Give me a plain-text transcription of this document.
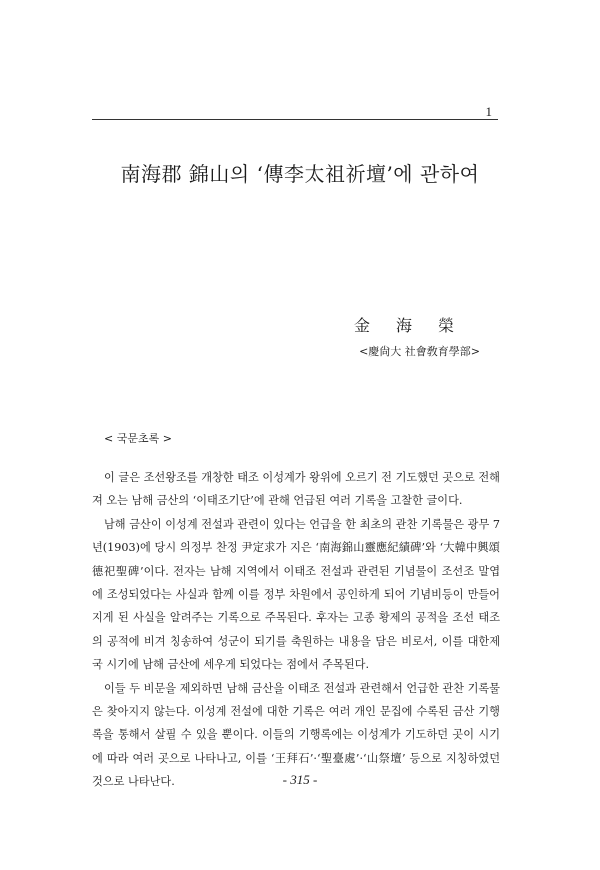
1
南海郡 錦山의 ‘傳李太祖祈壇’에 관하여
金海榮
<慶尙大 社會敎育學部>
< 국문초록 >

이 글은 조선왕조를 개창한 태조 이성계가 왕위에 오르기 전 기도했던 곳으로 전해져 오는 남해 금산의 ‘이태조기단’에 관해 언급된 여러 기록을 고찰한 글이다.

남해 금산이 이성계 전설과 관련이 있다는 언급을 한 최초의 관찬 기록물은 광무 7년(1903)에 당시 의정부 찬정 尹定求가 지은 ‘南海錦山靈應紀績碑’와 ‘大韓中興頌德祀聖碑’이다. 전자는 남해 지역에서 이태조 전설과 관련된 기념물이 조선조 말엽에 조성되었다는 사실과 함께 이를 정부 차원에서 공인하게 되어 기념비등이 만들어지게 된 사실을 알려주는 기록으로 주목된다. 후자는 고종 황제의 공적을 조선 태조의 공적에 비겨 칭송하여 성군이 되기를 축원하는 내용을 담은 비로서, 이를 대한제국 시기에 남해 금산에 세우게 되었다는 점에서 주목된다.

이들 두 비문을 제외하면 남해 금산을 이태조 전설과 관련해서 언급한 관찬 기록물은 찾아지지 않는다. 이성계 전설에 대한 기록은 여러 개인 문집에 수록된 금산 기행록을 통해서 살필 수 있을 뿐이다. 이들의 기행록에는 이성계가 기도하던 곳이 시기에 따라 여러 곳으로 나타나고, 이를 ‘王拜石’·‘聖臺處’·‘山祭壇’ 등으로 지칭하였던 것으로 나타난다.	- 315 -
